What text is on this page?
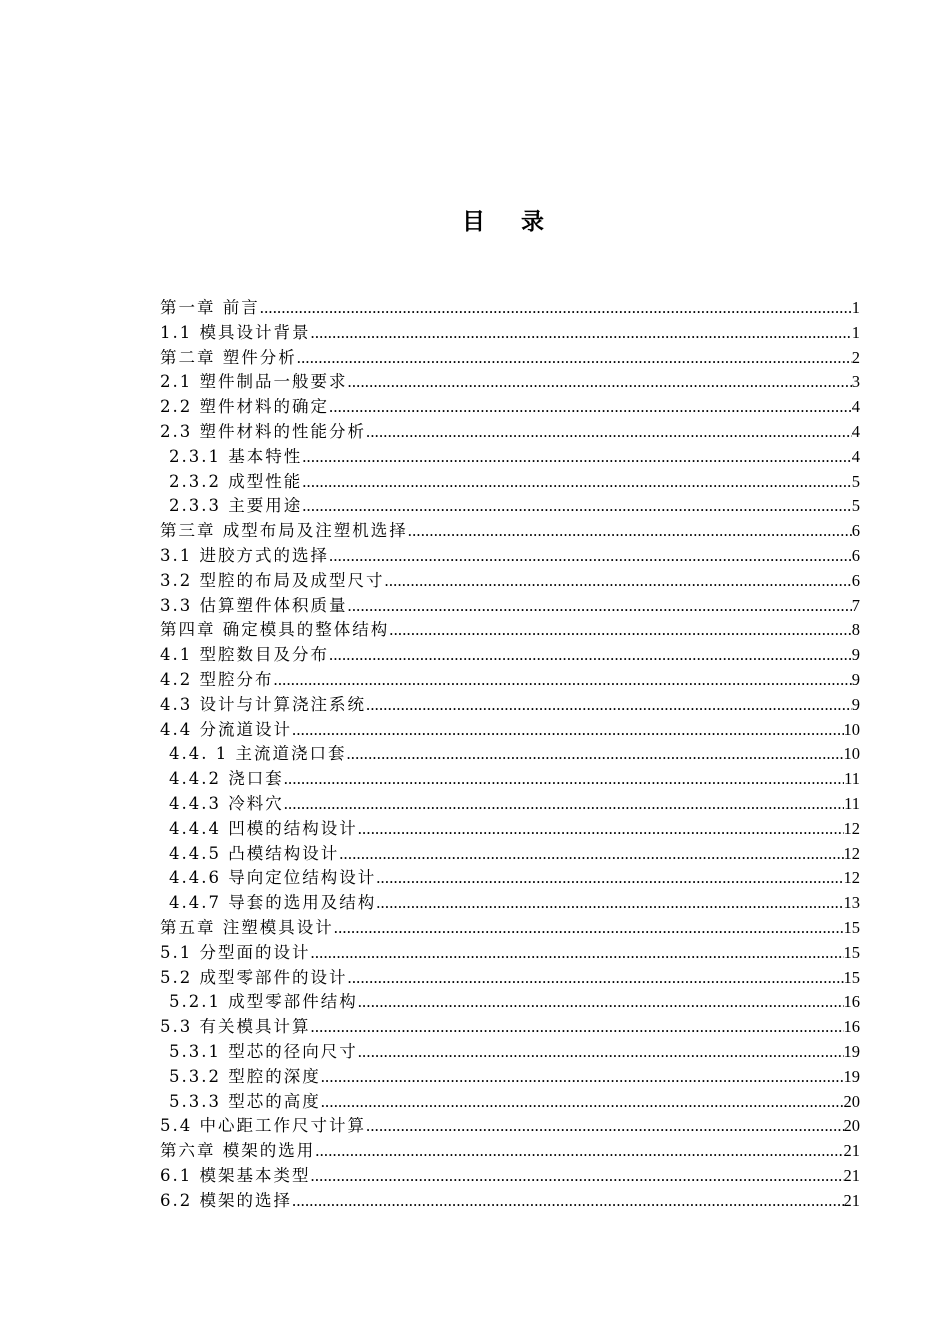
目 录
第一章 前言 .....	1
1.1 模具设计背景 .....	1
第二章 塑件分析 .....	2
2.1 塑件制品一般要求 .....	3
2.2 塑件材料的确定 .....	4
2.3 塑件材料的性能分析 .....	4
2.3.1 基本特性 .....	4
2.3.2 成型性能 .....	5
2.3.3 主要用途 .....	5
第三章 成型布局及注塑机选择 .....	6
3.1 进胶方式的选择 .....	6
3.2 型腔的布局及成型尺寸 .....	6
3.3 估算塑件体积质量 .....	7
第四章 确定模具的整体结构 .....	8
4.1 型腔数目及分布 .....	9
4.2 型腔分布 .....	9
4.3 设计与计算浇注系统 .....	9
4.4 分流道设计 .....	10
4.4. 1 主流道浇口套 .....	10
4.4.2 浇口套 .....	11
4.4.3 冷料穴 .....	11
4.4.4 凹模的结构设计 .....	12
4.4.5 凸模结构设计 .....	12
4.4.6 导向定位结构设计 .....	12
4.4.7 导套的选用及结构 .....	13
第五章 注塑模具设计 .....	15
5.1 分型面的设计 .....	15
5.2 成型零部件的设计 .....	15
5.2.1 成型零部件结构 .....	16
5.3 有关模具计算 .....	16
5.3.1 型芯的径向尺寸 .....	19
5.3.2 型腔的深度 .....	19
5.3.3 型芯的高度 .....	20
5.4 中心距工作尺寸计算 .....	20
第六章 模架的选用 .....	21
6.1 模架基本类型 .....	21
6.2 模架的选择 .....	21
